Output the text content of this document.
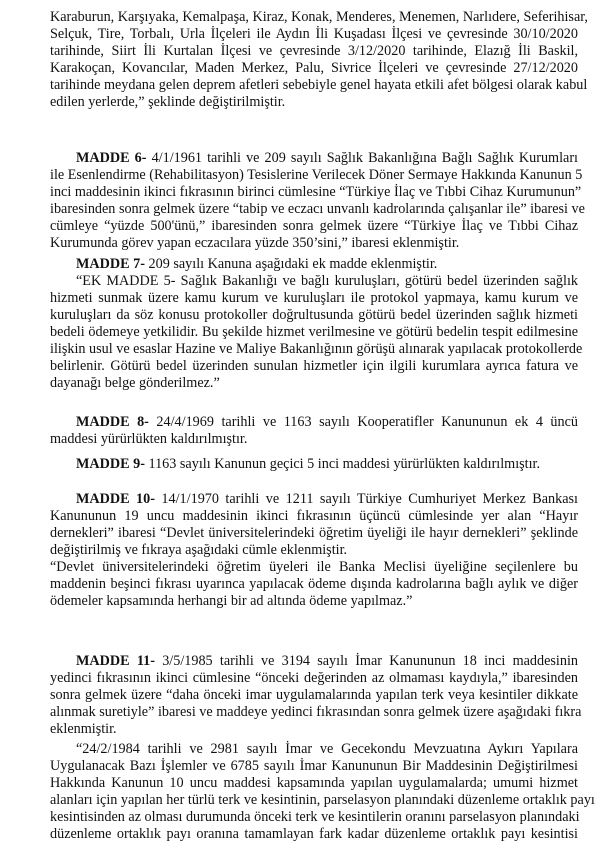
Karaburun, Karşıyaka, Kemalpaşa, Kiraz, Konak, Menderes, Menemen, Narlıdere, Seferihisar,
Selçuk, Tire, Torbalı, Urla İlçeleri ile Aydın İli Kuşadası İlçesi ve çevresinde 30/10/2020
tarihinde, Siirt İli Kurtalan İlçesi ve çevresinde 3/12/2020 tarihinde, Elazığ İli Baskil,
Karakoçan, Kovancılar, Maden Merkez, Palu, Sivrice İlçeleri ve çevresinde 27/12/2020
tarihinde meydana gelen deprem afetleri sebebiyle genel hayata etkili afet bölgesi olarak kabul
edilen yerlerde,” şeklinde değiştirilmiştir.
MADDE 6- 4/1/1961 tarihli ve 209 sayılı Sağlık Bakanlığına Bağlı Sağlık Kurumları
ile Esenlendirme (Rehabilitasyon) Tesislerine Verilecek Döner Sermaye Hakkında Kanunun 5
inci maddesinin ikinci fıkrasının birinci cümlesine “Türkiye İlaç ve Tıbbi Cihaz Kurumunun”
ibaresinden sonra gelmek üzere “tabip ve eczacı unvanlı kadrolarında çalışanlar ile” ibaresi ve
cümleye “yüzde 500'ünü,” ibaresinden sonra gelmek üzere “Türkiye İlaç ve Tıbbi Cihaz
Kurumunda görev yapan eczacılara yüzde 350’sini,” ibaresi eklenmiştir.
MADDE 7- 209 sayılı Kanuna aşağıdaki ek madde eklenmiştir.
“EK MADDE 5- Sağlık Bakanlığı ve bağlı kuruluşları, götürü bedel üzerinden sağlık
hizmeti sunmak üzere kamu kurum ve kuruluşları ile protokol yapmaya, kamu kurum ve
kuruluşları da söz konusu protokoller doğrultusunda götürü bedel üzerinden sağlık hizmeti
bedeli ödemeye yetkilidir. Bu şekilde hizmet verilmesine ve götürü bedelin tespit edilmesine
ilişkin usul ve esaslar Hazine ve Maliye Bakanlığının görüşü alınarak yapılacak protokollerde
belirlenir. Götürü bedel üzerinden sunulan hizmetler için ilgili kurumlara ayrıca fatura ve
dayanağı belge gönderilmez.”
MADDE 8- 24/4/1969 tarihli ve 1163 sayılı Kooperatifler Kanununun ek 4 üncü
maddesi yürürlükten kaldırılmıştır.
MADDE 9- 1163 sayılı Kanunun geçici 5 inci maddesi yürürlükten kaldırılmıştır.
MADDE 10- 14/1/1970 tarihli ve 1211 sayılı Türkiye Cumhuriyet Merkez Bankası
Kanununun 19 uncu maddesinin ikinci fıkrasının üçüncü cümlesinde yer alan “Hayır
dernekleri” ibaresi “Devlet üniversitelerindeki öğretim üyeliği ile hayır dernekleri” şeklinde
değiştirilmiş ve fıkraya aşağıdaki cümle eklenmiştir.
“Devlet üniversitelerindeki öğretim üyeleri ile Banka Meclisi üyeliğine seçilenlere bu
maddenin beşinci fıkrası uyarınca yapılacak ödeme dışında kadrolarına bağlı aylık ve diğer
ödemeler kapsamında herhangi bir ad altında ödeme yapılmaz.”
MADDE 11- 3/5/1985 tarihli ve 3194 sayılı İmar Kanununun 18 inci maddesinin
yedinci fıkrasının ikinci cümlesine “önceki değerinden az olmaması kaydıyla,” ibaresinden
sonra gelmek üzere “daha önceki imar uygulamalarında yapılan terk veya kesintiler dikkate
alınmak suretiyle” ibaresi ve maddeye yedinci fıkrasından sonra gelmek üzere aşağıdaki fıkra
eklenmiştir.
“24/2/1984 tarihli ve 2981 sayılı İmar ve Gecekondu Mevzuatına Aykırı Yapılara
Uygulanacak Bazı İşlemler ve 6785 sayılı İmar Kanununun Bir Maddesinin Değiştirilmesi
Hakkında Kanunun 10 uncu maddesi kapsamında yapılan uygulamalarda; umumi hizmet
alanları için yapılan her türlü terk ve kesintinin, parselasyon planındaki düzenleme ortaklık payı
kesintisinden az olması durumunda önceki terk ve kesintilerin oranını parselasyon planındaki
düzenleme ortaklık payı oranına tamamlayan fark kadar düzenleme ortaklık payı kesintisi
